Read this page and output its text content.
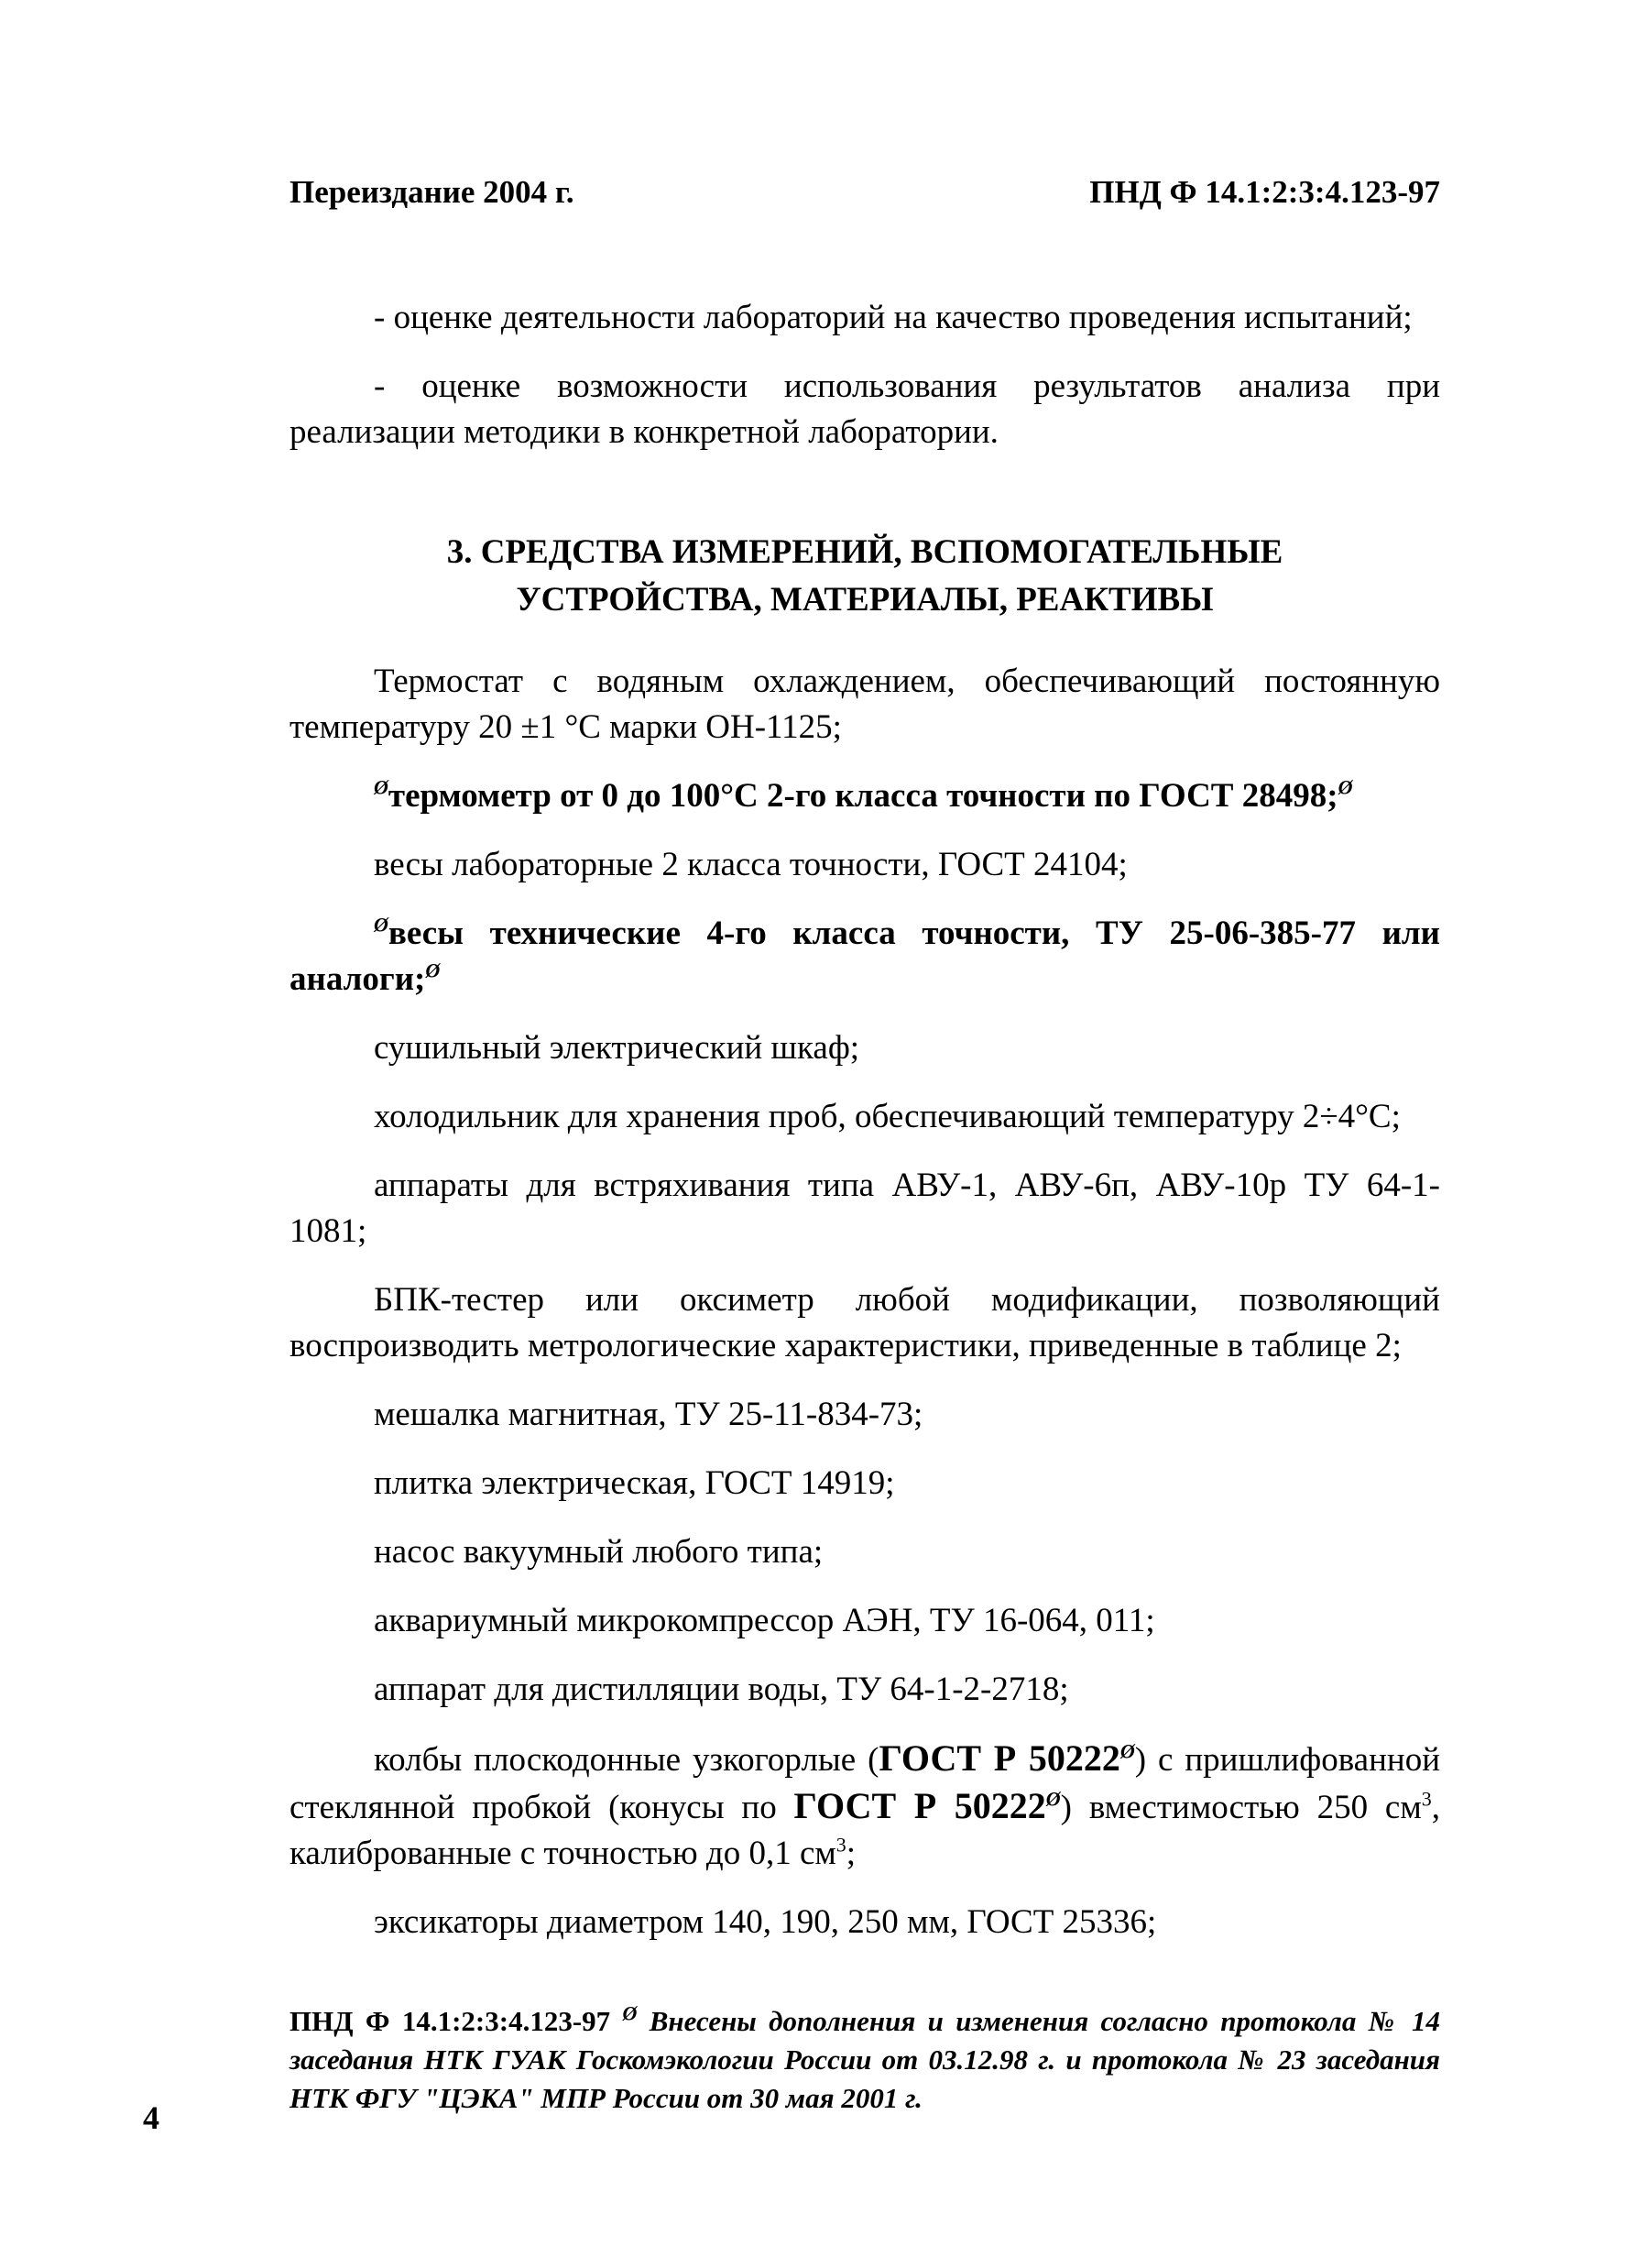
Переиздание 2004 г.	ПНД Ф 14.1:2:3:4.123-97

- оценке деятельности лабораторий на качество проведения испытаний;

- оценке возможности использования результатов анализа при реализации методики в конкретной лаборатории.

3. СРЕДСТВА ИЗМЕРЕНИЙ, ВСПОМОГАТЕЛЬНЫЕ
УСТРОЙСТВА, МАТЕРИАЛЫ, РЕАКТИВЫ

Термостат с водяным охлаждением, обеспечивающий постоянную температуру 20 ±1 °С марки ОН-1125;

$^Ø$термометр от 0 до 100°С 2-го класса точности по ГОСТ 28498;$^Ø$

весы лабораторные 2 класса точности, ГОСТ 24104;

$^Ø$весы технические 4-го класса точности, ТУ 25-06-385-77 или аналоги;$^Ø$

сушильный электрический шкаф;

холодильник для хранения проб, обеспечивающий температуру 2÷4°С;

аппараты для встряхивания типа АВУ-1, АВУ-6п, АВУ-10р ТУ 64-1-1081;

БПК-тестер или оксиметр любой модификации, позволяющий воспроизводить метрологические характеристики, приведенные в таблице 2;

мешалка магнитная, ТУ 25-11-834-73;

плитка электрическая, ГОСТ 14919;

насос вакуумный любого типа;

аквариумный микрокомпрессор АЭН, ТУ 16-064, 011;

аппарат для дистилляции воды, ТУ 64-1-2-2718;

колбы плоскодонные узкогорлые (ГОСТ Р $50222^Ø$) с пришлифованной стеклянной пробкой (конусы по ГОСТ Р $50222^Ø$) вместимостью 250 $см^3$, калиброванные с точностью до 0,1 $см^3$;

эксикаторы диаметром 140, 190, 250 мм, ГОСТ 25336;

ПНД Ф 14.1:2:3:4.123-97 $^Ø$ Внесены дополнения и изменения согласно протокола № 14 заседания НТК ГУАК Госкомэкологии России от 03.12.98 г. и протокола № 23 заседания НТК ФГУ "ЦЭКА" МПР России от 30 мая 2001 г.
4
